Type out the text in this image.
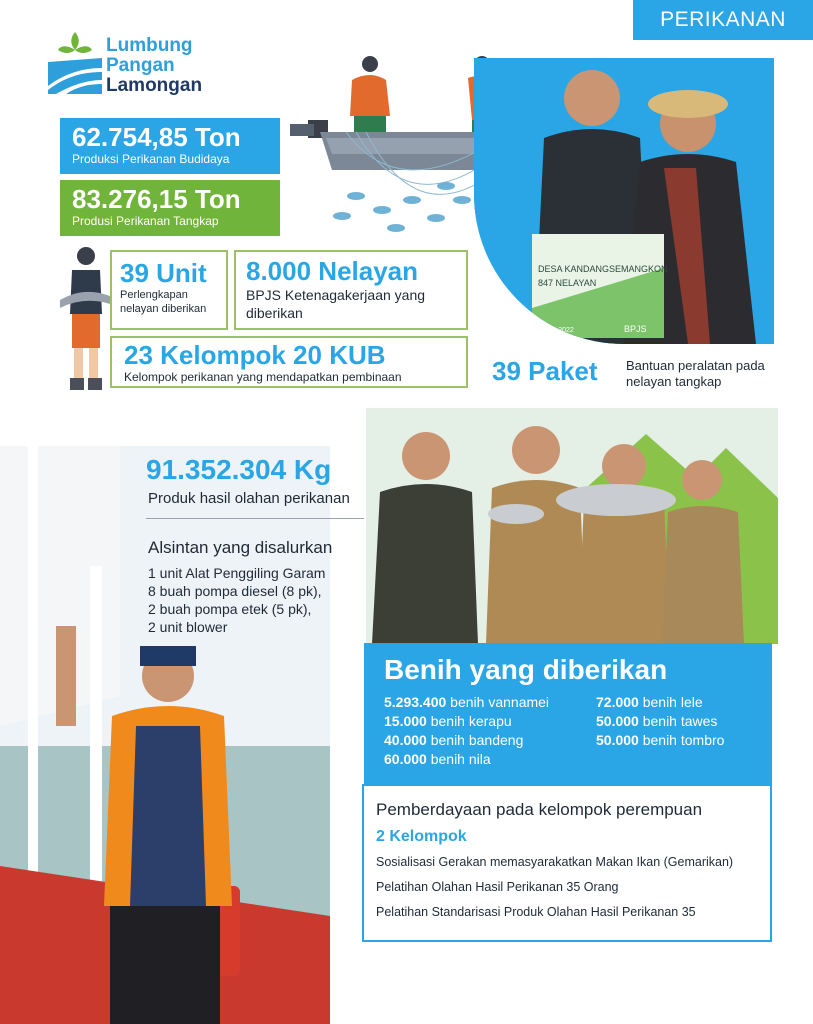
PERIKANAN
Lumbung
Pangan
Lamongan
62.754,85 Ton
Produksi Perikanan Budidaya
83.276,15 Ton
Produsi Perikanan Tangkap
39 Unit
Perlengkapan nelayan diberikan
8.000 Nelayan
BPJS Ketenagakerjaan yang diberikan
23 Kelompok 20 KUB
Kelompok perikanan yang mendapatkan pembinaan
DESA KANDANGSEMANGKON
847 NELAYAN
27-10-2022	BPJS
39 Paket Bantuan peralatan pada nelayan tangkap
91.352.304 Kg
Produk hasil olahan perikanan
Alsintan yang disalurkan
1 unit Alat Penggiling Garam
8 buah pompa diesel (8 pk),
2 buah pompa etek (5 pk),
2 unit blower
Benih yang diberikan
5.293.400 benih vannamei
15.000 benih kerapu
40.000 benih bandeng
60.000 benih nila
72.000 benih lele
50.000 benih tawes
50.000 benih tombro
Pemberdayaan pada kelompok perempuan
2 Kelompok
Sosialisasi Gerakan memasyarakatkan Makan Ikan (Gemarikan)
Pelatihan Olahan Hasil Perikanan 35 Orang
Pelatihan Standarisasi Produk Olahan Hasil Perikanan 35
